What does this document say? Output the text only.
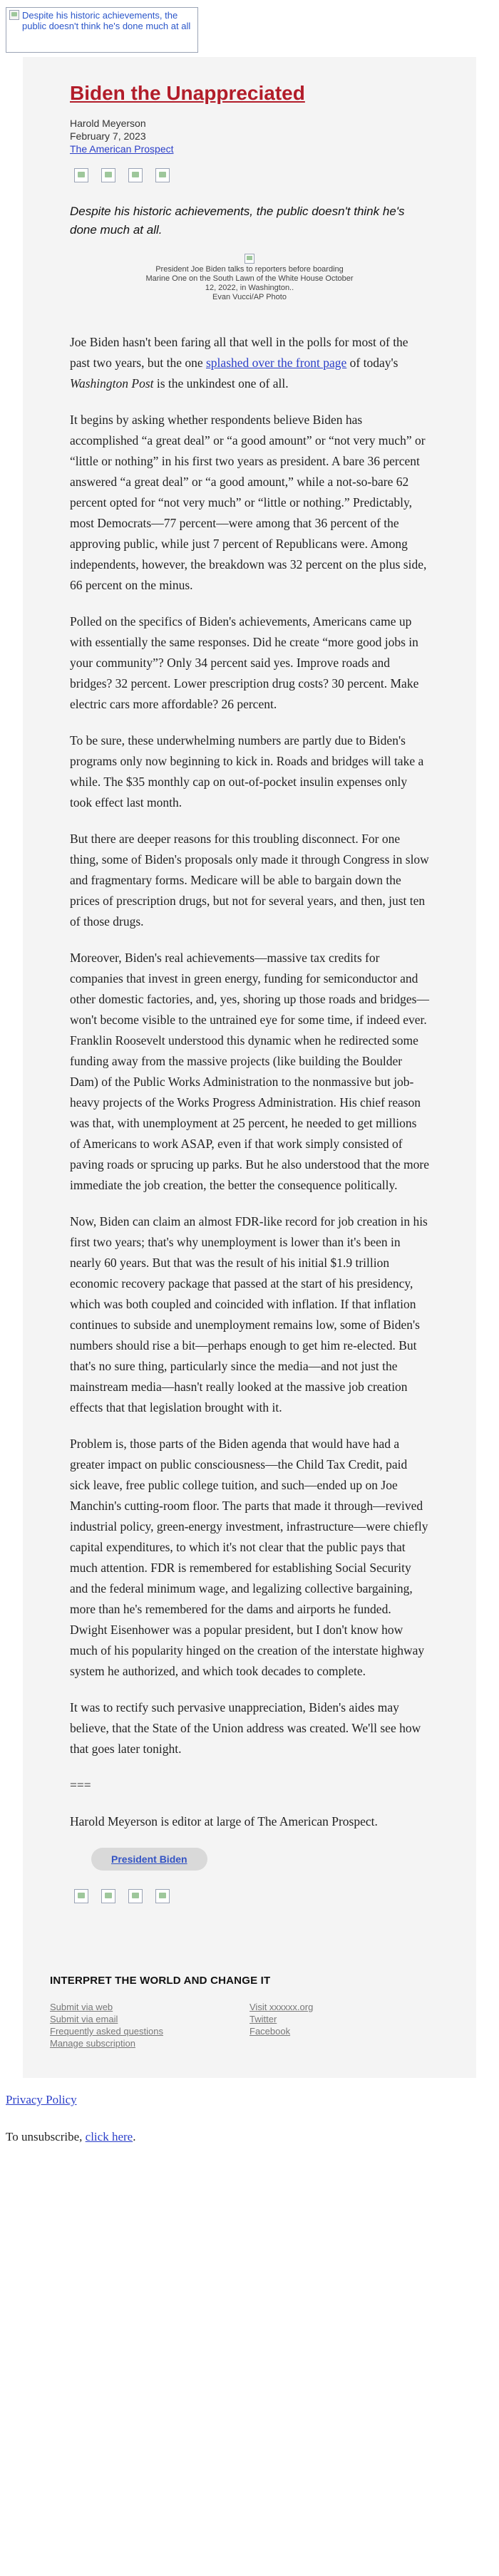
Despite his historic achievements, the public doesn't think he's done much at all
Biden the Unappreciated
Harold Meyerson
February 7, 2023
The American Prospect

Despite his historic achievements, the public doesn't think he's done much at all.

President Joe Biden talks to reporters before boarding Marine One on the South Lawn of the White House October 12, 2022, in Washington..
Evan Vucci/AP Photo

Joe Biden hasn't been faring all that well in the polls for most of the past two years, but the one splashed over the front page of today's Washington Post is the unkindest one of all.

It begins by asking whether respondents believe Biden has accomplished “a great deal” or “a good amount” or “not very much” or “little or nothing” in his first two years as president. A bare 36 percent answered “a great deal” or “a good amount,” while a not-so-bare 62 percent opted for “not very much” or “little or nothing.” Predictably, most Democrats—77 percent—were among that 36 percent of the approving public, while just 7 percent of Republicans were. Among independents, however, the breakdown was 32 percent on the plus side, 66 percent on the minus.

Polled on the specifics of Biden's achievements, Americans came up with essentially the same responses. Did he create “more good jobs in your community”? Only 34 percent said yes. Improve roads and bridges? 32 percent. Lower prescription drug costs? 30 percent. Make electric cars more affordable? 26 percent.

To be sure, these underwhelming numbers are partly due to Biden's programs only now beginning to kick in. Roads and bridges will take a while. The $35 monthly cap on out-of-pocket insulin expenses only took effect last month.

But there are deeper reasons for this troubling disconnect. For one thing, some of Biden's proposals only made it through Congress in slow and fragmentary forms. Medicare will be able to bargain down the prices of prescription drugs, but not for several years, and then, just ten of those drugs.

Moreover, Biden's real achievements—massive tax credits for companies that invest in green energy, funding for semiconductor and other domestic factories, and, yes, shoring up those roads and bridges—won't become visible to the untrained eye for some time, if indeed ever. Franklin Roosevelt understood this dynamic when he redirected some funding away from the massive projects (like building the Boulder Dam) of the Public Works Administration to the nonmassive but job-heavy projects of the Works Progress Administration. His chief reason was that, with unemployment at 25 percent, he needed to get millions of Americans to work ASAP, even if that work simply consisted of paving roads or sprucing up parks. But he also understood that the more immediate the job creation, the better the consequence politically.

Now, Biden can claim an almost FDR-like record for job creation in his first two years; that's why unemployment is lower than it's been in nearly 60 years. But that was the result of his initial $1.9 trillion economic recovery package that passed at the start of his presidency, which was both coupled and coincided with inflation. If that inflation continues to subside and unemployment remains low, some of Biden's numbers should rise a bit—perhaps enough to get him re-elected. But that's no sure thing, particularly since the media—and not just the mainstream media—hasn't really looked at the massive job creation effects that that legislation brought with it.

Problem is, those parts of the Biden agenda that would have had a greater impact on public consciousness—the Child Tax Credit, paid sick leave, free public college tuition, and such—ended up on Joe Manchin's cutting-room floor. The parts that made it through—revived industrial policy, green-energy investment, infrastructure—were chiefly capital expenditures, to which it's not clear that the public pays that much attention. FDR is remembered for establishing Social Security and the federal minimum wage, and legalizing collective bargaining, more than he's remembered for the dams and airports he funded. Dwight Eisenhower was a popular president, but I don't know how much of his popularity hinged on the creation of the interstate highway system he authorized, and which took decades to complete.

It was to rectify such pervasive unappreciation, Biden's aides may believe, that the State of the Union address was created. We'll see how that goes later tonight.

===

Harold Meyerson is editor at large of The American Prospect.

President Biden
INTERPRET THE WORLD AND CHANGE IT
Submit via web
Submit via email
Frequently asked questions
Manage subscription
Visit xxxxxx.org
Twitter
Facebook
Privacy Policy
To unsubscribe, click here.
